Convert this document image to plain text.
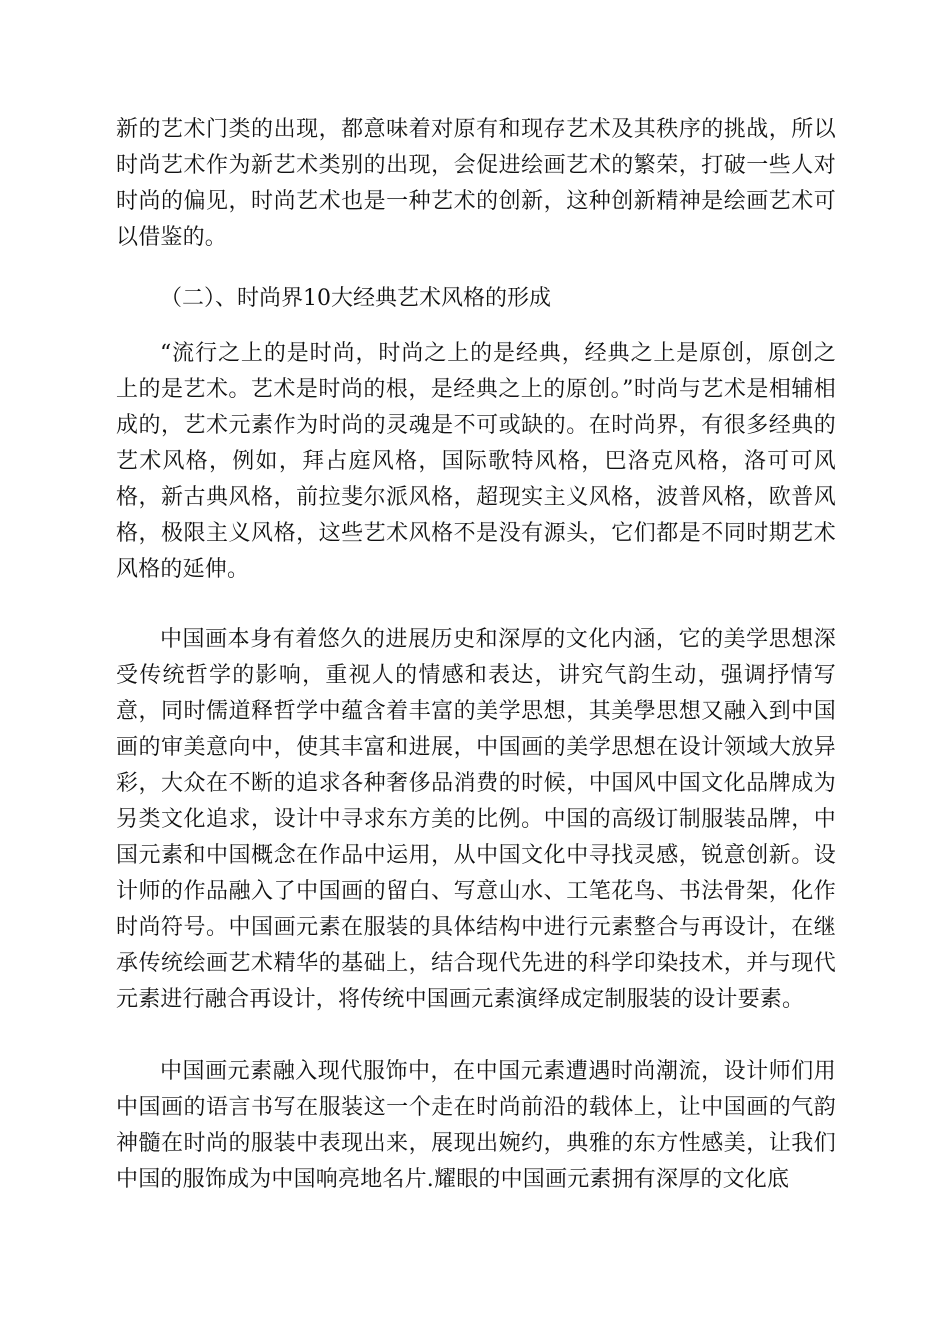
新的艺术门类的出现，都意味着对原有和现存艺术及其秩序的挑战，所以时尚艺术作为新艺术类别的出现，会促进绘画艺术的繁荣，打破一些人对时尚的偏见，时尚艺术也是一种艺术的创新，这种创新精神是绘画艺术可以借鉴的。

（二）、时尚界10大经典艺术风格的形成

“流行之上的是时尚，时尚之上的是经典，经典之上是原创，原创之上的是艺术。艺术是时尚的根，是经典之上的原创。”时尚与艺术是相辅相成的，艺术元素作为时尚的灵魂是不可或缺的。在时尚界，有很多经典的艺术风格，例如，拜占庭风格，国际歌特风格，巴洛克风格，洛可可风格，新古典风格，前拉斐尔派风格，超现实主义风格，波普风格，欧普风格，极限主义风格，这些艺术风格不是没有源头，它们都是不同时期艺术风格的延伸。

中国画本身有着悠久的进展历史和深厚的文化内涵，它的美学思想深受传统哲学的影响，重视人的情感和表达，讲究气韵生动，强调抒情写意，同时儒道释哲学中蕴含着丰富的美学思想，其美學思想又融入到中国画的审美意向中，使其丰富和进展，中国画的美学思想在设计领域大放异彩，大众在不断的追求各种奢侈品消费的时候，中国风中国文化品牌成为另类文化追求，设计中寻求东方美的比例。中国的高级订制服装品牌，中国元素和中国概念在作品中运用，从中国文化中寻找灵感，锐意创新。设计师的作品融入了中国画的留白、写意山水、工笔花鸟、书法骨架，化作时尚符号。中国画元素在服装的具体结构中进行元素整合与再设计，在继承传统绘画艺术精华的基础上，结合现代先进的科学印染技术，并与现代元素进行融合再设计，将传统中国画元素演绎成定制服装的设计要素。

中国画元素融入现代服饰中，在中国元素遭遇时尚潮流，设计师们用中国画的语言书写在服装这一个走在时尚前沿的载体上，让中国画的气韵神髓在时尚的服装中表现出来，展现出婉约，典雅的东方性感美，让我们中国的服饰成为中国响亮地名片.耀眼的中国画元素拥有深厚的文化底
